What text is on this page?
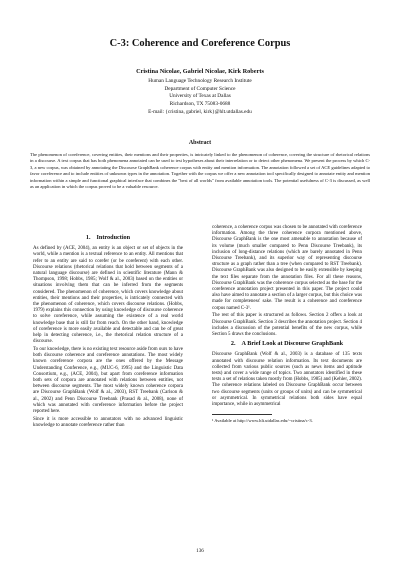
C-3: Coherence and Coreference Corpus
Cristina Nicolae, Gabriel Nicolae, Kirk Roberts
Human Language Technology Research Institute
Department of Computer Science
University of Texas at Dallas
Richardson, TX 75083-0688
E-mail: {cristina, gabriel, kirk}@hlt.utdallas.edu
Abstract
The phenomenon of coreference, covering entities, their mentions and their properties, is intricately linked to the phenomenon of coherence, covering the structure of rhetorical relations in a discourse. A text corpus that has both phenomena annotated can be used to test hypotheses about their interrelation or to detect other phenomena. We present the process by which C-3, a new corpus, was obtained by annotating the Discourse GraphBank coherence corpus with entity and mention information. The annotation followed a set of ACE guidelines adapted to favor coreference and to include entities of unknown types in the annotation. Together with the corpus we offer a new annotation tool specifically designed to annotate entity and mention information within a simple and functional graphical interface that combines the "best of all worlds" from available annotation tools. The potential usefulness of C-3 is discussed, as well as an application in which the corpus proved to be a valuable resource.
1. Introduction

As defined by (ACE, 2004), an entity is an object or set of objects in the world, while a mention is a textual reference to an entity. All mentions that refer to an entity are said to corefer (or be coreferent) with each other. Discourse relations (rhetorical relations that hold between segments of a natural language discourse) are defined in scientific literature (Mann & Thompson, 1998; Hobbs, 1985; Wolf & al., 2003) based on the entities or situations involving them that can be inferred from the segments considered. The phenomenon of coherence, which covers knowledge about entities, their mentions and their properties, is intricately connected with the phenomenon of coherence, which covers discourse relations. (Hobbs, 1979) explains this connection by using knowledge of discourse coherence to solve coreference, while assuming the existence of a real world knowledge base that is still far from reach. On the other hand, knowledge of coreference is more easily available and detectable and can be of great help in detecting coherence, i.e., the rhetorical relation structure of a discourse.

To our knowledge, there is no existing text resource aside from ours to have both discourse coherence and coreference annotations. The most widely known coreference corpora are the ones offered by the Message Understanding Conference, e.g., (MUC-6, 1995) and the Linguistic Data Consortium, e.g., (ACE, 2004), but apart from coreference information both sets of corpora are annotated with relations between entities, not between discourse segments. The most widely known coherence corpora are Discourse GraphBank (Wolf & al., 2003), RST Treebank (Carlson & al., 2002) and Penn Discourse Treebank (Prasad & al., 2008), none of which was annotated with coreference information before the project reported here.

Since it is more accessible to annotators with no advanced linguistic knowledge to annotate coreference rather than

coherence, a coherence corpus was chosen to be annotated with coreference information. Among the three coherence corpora mentioned above, Discourse GraphBank is the one most amenable to annotation because of its volume (much smaller compared to Penn Discourse Treebank), its inclusion of long-distance relations (which are barely annotated in Penn Discourse Treebank), and its superior way of representing discourse structure as a graph rather than a tree (when compared to RST Treebank). Discourse GraphBank was also designed to be easily extensible by keeping the text files separate from the annotation files. For all these reasons, Discourse GraphBank was the coherence corpus selected as the base for the coreference annotation project presented in this paper. The project could also have aimed to annotate a section of a larger corpus, but this choice was made for completeness' sake. The result is a coherence and coreference corpus named C-3¹.

The rest of this paper is structured as follows. Section 2 offers a look at Discourse GraphBank. Section 3 describes the annotation project. Section 4 includes a discussion of the potential benefits of the new corpus, while Section 5 draws the conclusions.

2. A Brief Look at Discourse GraphBank

Discourse GraphBank (Wolf & al., 2003) is a database of 135 texts annotated with discourse relation information. Its text documents are collected from various public sources (such as news items and aptitude tests) and cover a wide range of topics. Two annotators identified in these texts a set of relations taken mostly from (Hobbs, 1985) and (Kehler, 2002). The coherence relations labeled on Discourse GraphBank occur between two discourse segments (units or groups of units) and can be symmetrical or asymmetrical. In symmetrical relations both sides have equal importance, while in asymmetrical

¹ Available at http://www.hlt.utdallas.edu/~cristina/c-3.
136
